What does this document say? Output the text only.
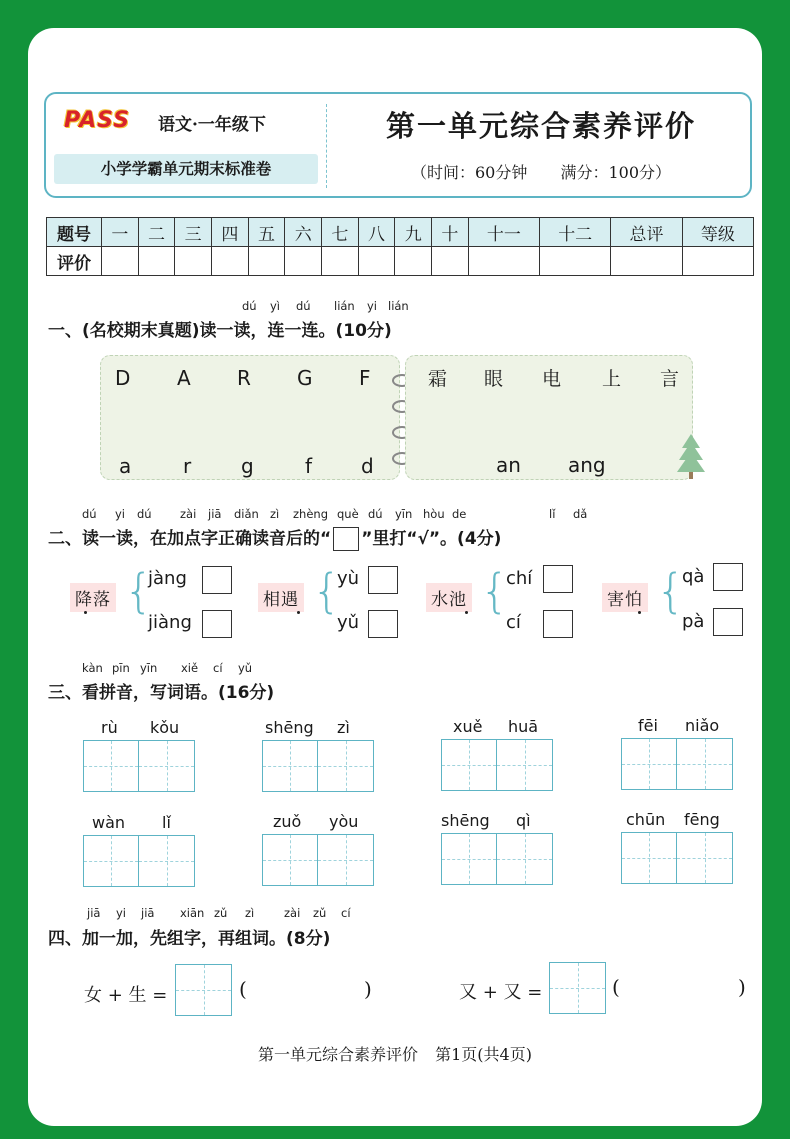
PASS 语文·一年级下
小学学霸单元期末标准卷
第一单元综合素养评价
（时间：60分钟 满分：100分）
题号	一	二	三	四	五	六	七	八	九	十	十一	十二	总评	等级
评价														
dú yì dú lián yi lián
一、(名校期末真题)读一读，连一连。(10分)
D A R G F
a	r g	f d
霜 眼 电 上 言
an ang
dú yi dú zài jiā diǎn zì zhèng què dú yīn hòu de	lǐ dǎ
二、读一读，在加点字正确读音后的“ ”里打“√”。(4分)
降落 {
jàng
jiàng
相遇 {
yù
yǔ
水池 {
chí
cí
害怕 {
qà
pà
kàn pīn yīn xiě cí yǔ
三、看拼音，写词语。(16分)
rù kǒu	shēng zì	xuě huā	fēi niǎo
wàn lǐ	zuǒ yòu	shēng qì	chūn fēng
jiā yi jiā xiān zǔ zì	zài zǔ cí
四、加一加，先组字，再组词。(8分)
女 + 生 =	(	)	又 + 又 =	(	)
第一单元综合素养评价 第1页(共4页)
